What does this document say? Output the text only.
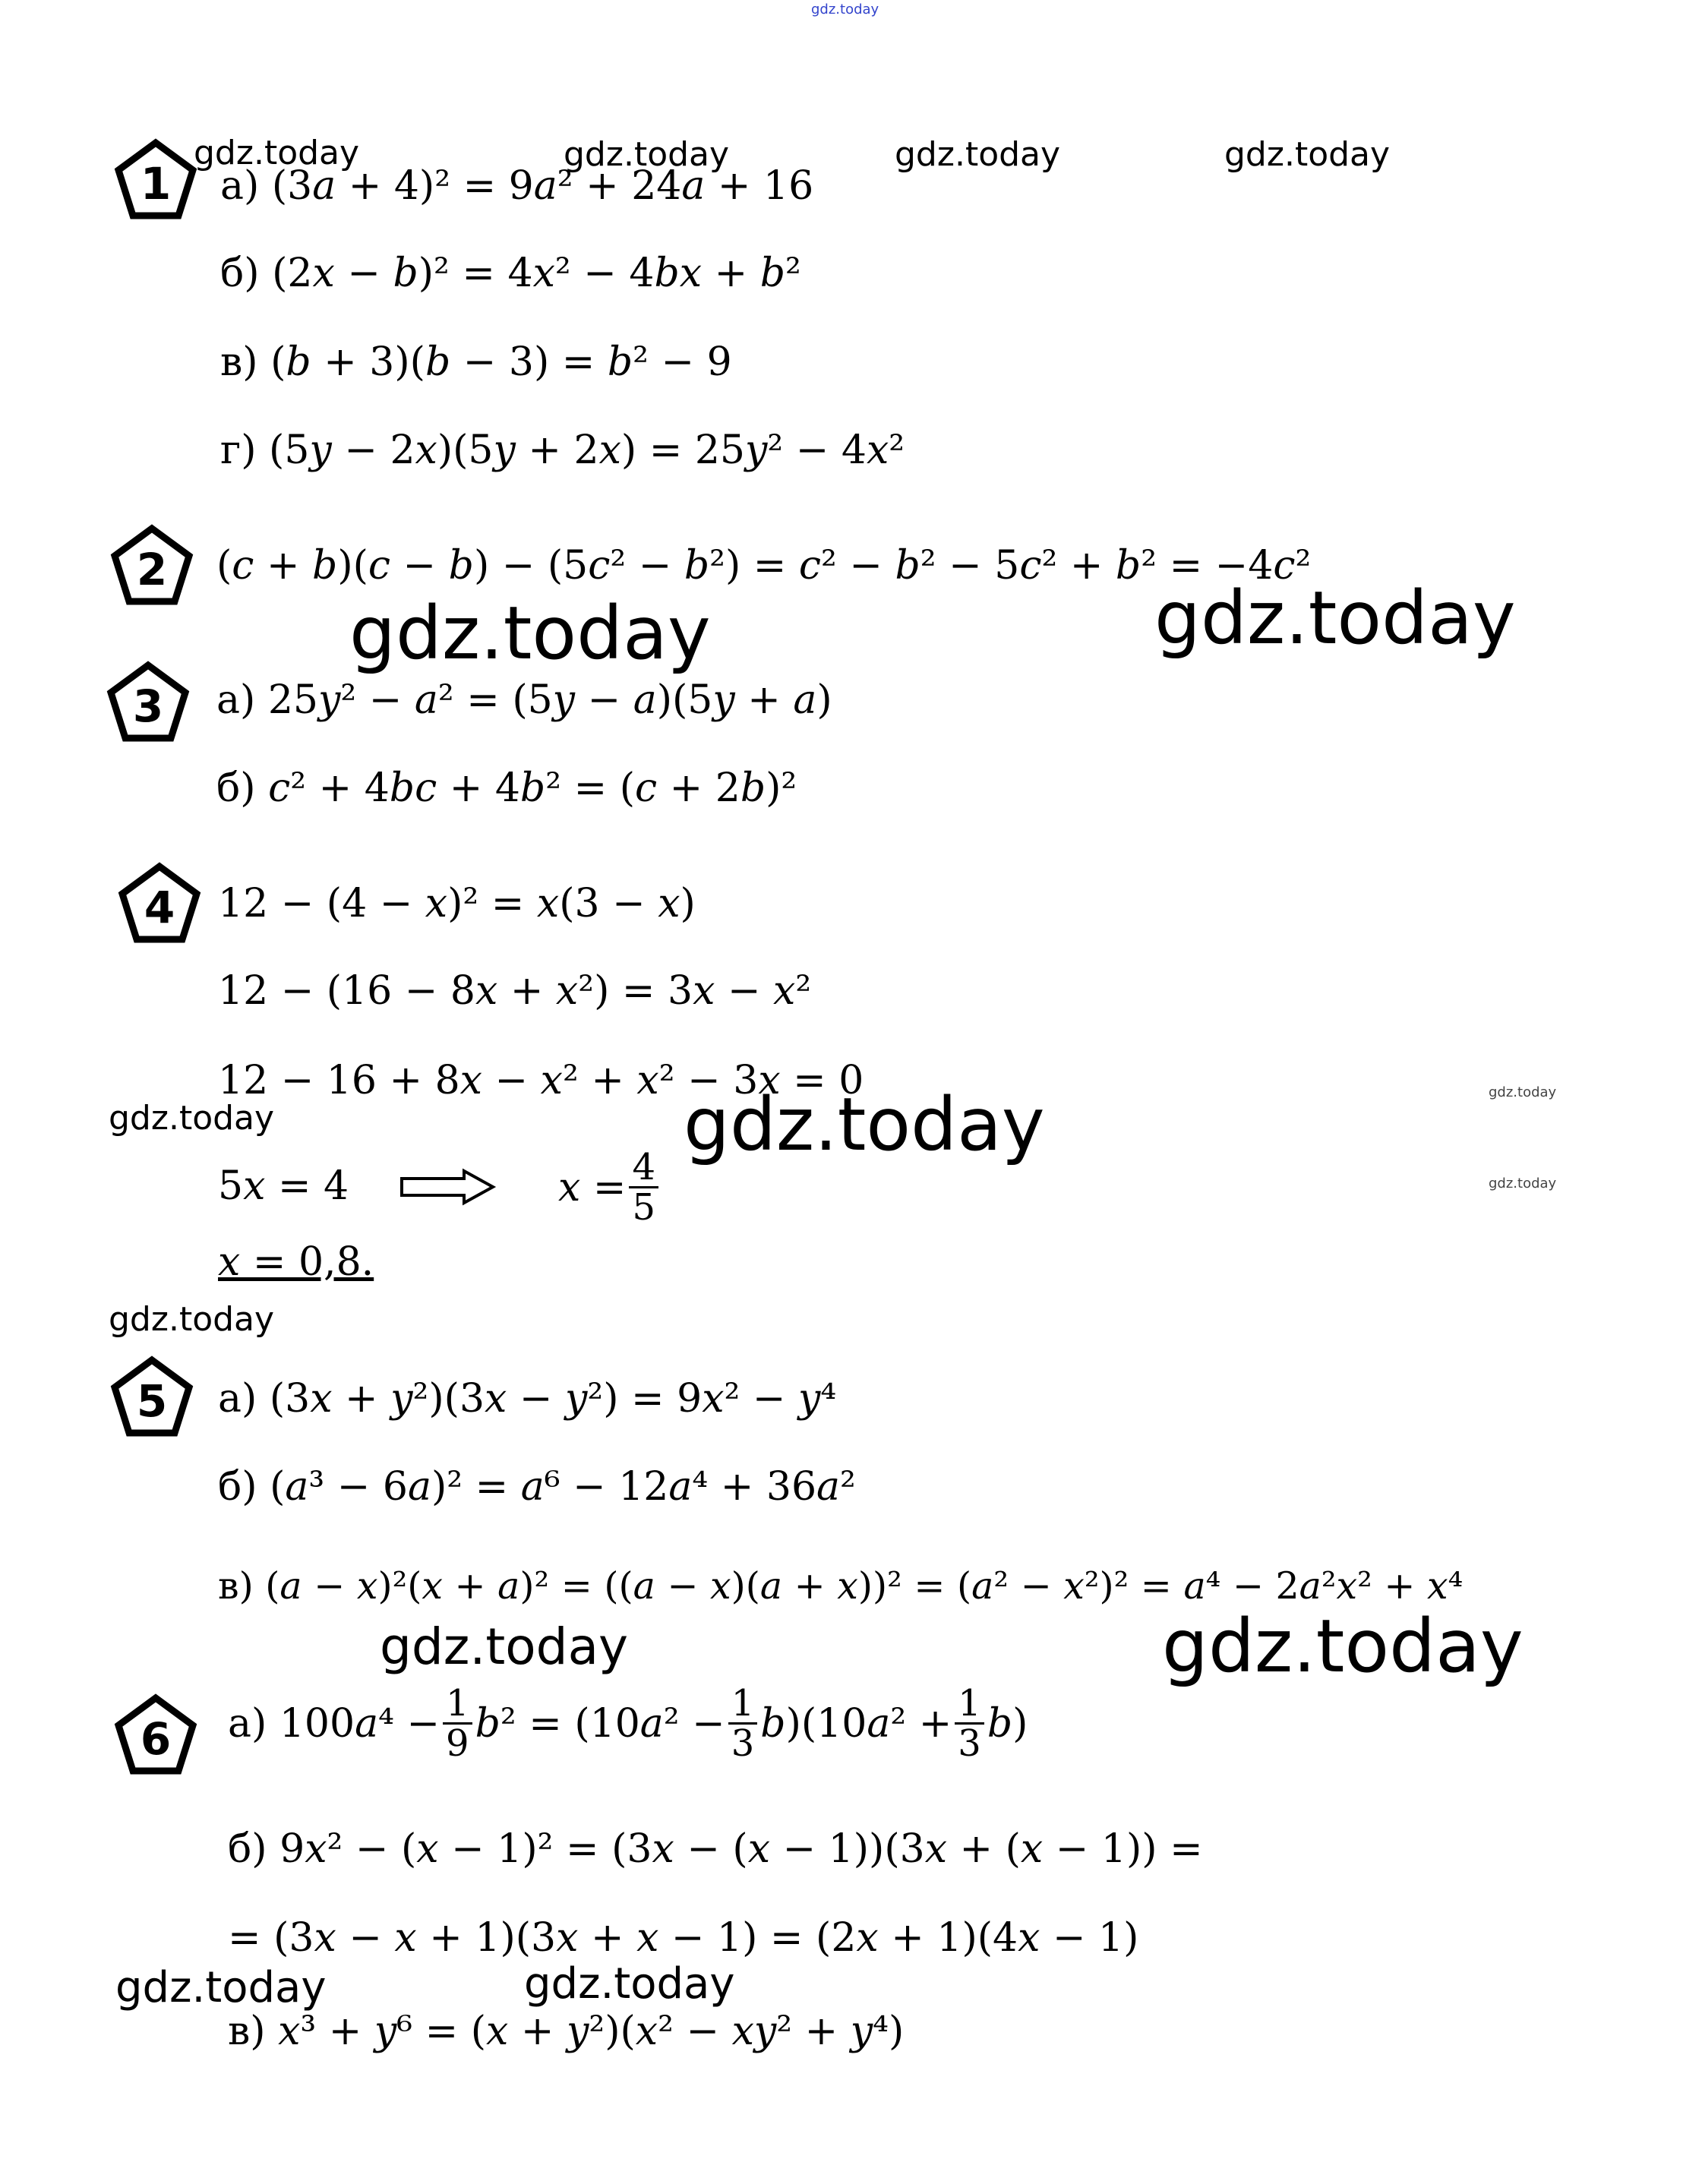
gdz.today
gdz.today	gdz.today	gdz.today	gdz.today
1	а) (3𝑎 + 4)² = 9𝑎² + 24𝑎 + 16
б) (2𝑥 − 𝑏)² = 4𝑥² − 4𝑏𝑥 + 𝑏²
в) (𝑏 + 3)(𝑏 − 3) = 𝑏² − 9
г) (5𝑦 − 2𝑥)(5𝑦 + 2𝑥) = 25𝑦² − 4𝑥²
2	(𝑐 + 𝑏)(𝑐 − 𝑏) − (5𝑐² − 𝑏²) = 𝑐² − 𝑏² − 5𝑐² + 𝑏² = −4𝑐²
gdz.today	gdz.today
3	а) 25𝑦² − 𝑎² = (5𝑦 − 𝑎)(5𝑦 + 𝑎)
б) 𝑐² + 4𝑏𝑐 + 4𝑏² = (𝑐 + 2𝑏)²
4	12 − (4 − 𝑥)² = 𝑥(3 − 𝑥)
12 − (16 − 8𝑥 + 𝑥²) = 3𝑥 − 𝑥²
12 − 16 + 8𝑥 − 𝑥² + 𝑥² − 3𝑥 = 0
gdz.today
gdz.today
gdz.today
5𝑥 = 4	𝑥 = $\frac{4}{5}$
gdz.today
𝑥 = 0,8.
gdz.today
5	а) (3𝑥 + 𝑦²)(3𝑥 − 𝑦²) = 9𝑥² − 𝑦⁴
б) (𝑎³ − 6𝑎)² = 𝑎⁶ − 12𝑎⁴ + 36𝑎²
в) (𝑎 − 𝑥)²(𝑥 + 𝑎)² = ((𝑎 − 𝑥)(𝑎 + 𝑥))² = (𝑎² − 𝑥²)² = 𝑎⁴ − 2𝑎²𝑥² + 𝑥⁴
gdz.today	gdz.today
6	а) 100𝑎⁴ − $\frac{1}{9}$ 𝑏² = (10𝑎² − $\frac{1}{3}$ 𝑏)(10𝑎² + $\frac{1}{3}$ 𝑏)
б) 9𝑥² − (𝑥 − 1)² = (3𝑥 − (𝑥 − 1))(3𝑥 + (𝑥 − 1)) =
= (3𝑥 − 𝑥 + 1)(3𝑥 + 𝑥 − 1) = (2𝑥 + 1)(4𝑥 − 1)
gdz.today	gdz.today
в) 𝑥³ + 𝑦⁶ = (𝑥 + 𝑦²)(𝑥² − 𝑥𝑦² + 𝑦⁴)
